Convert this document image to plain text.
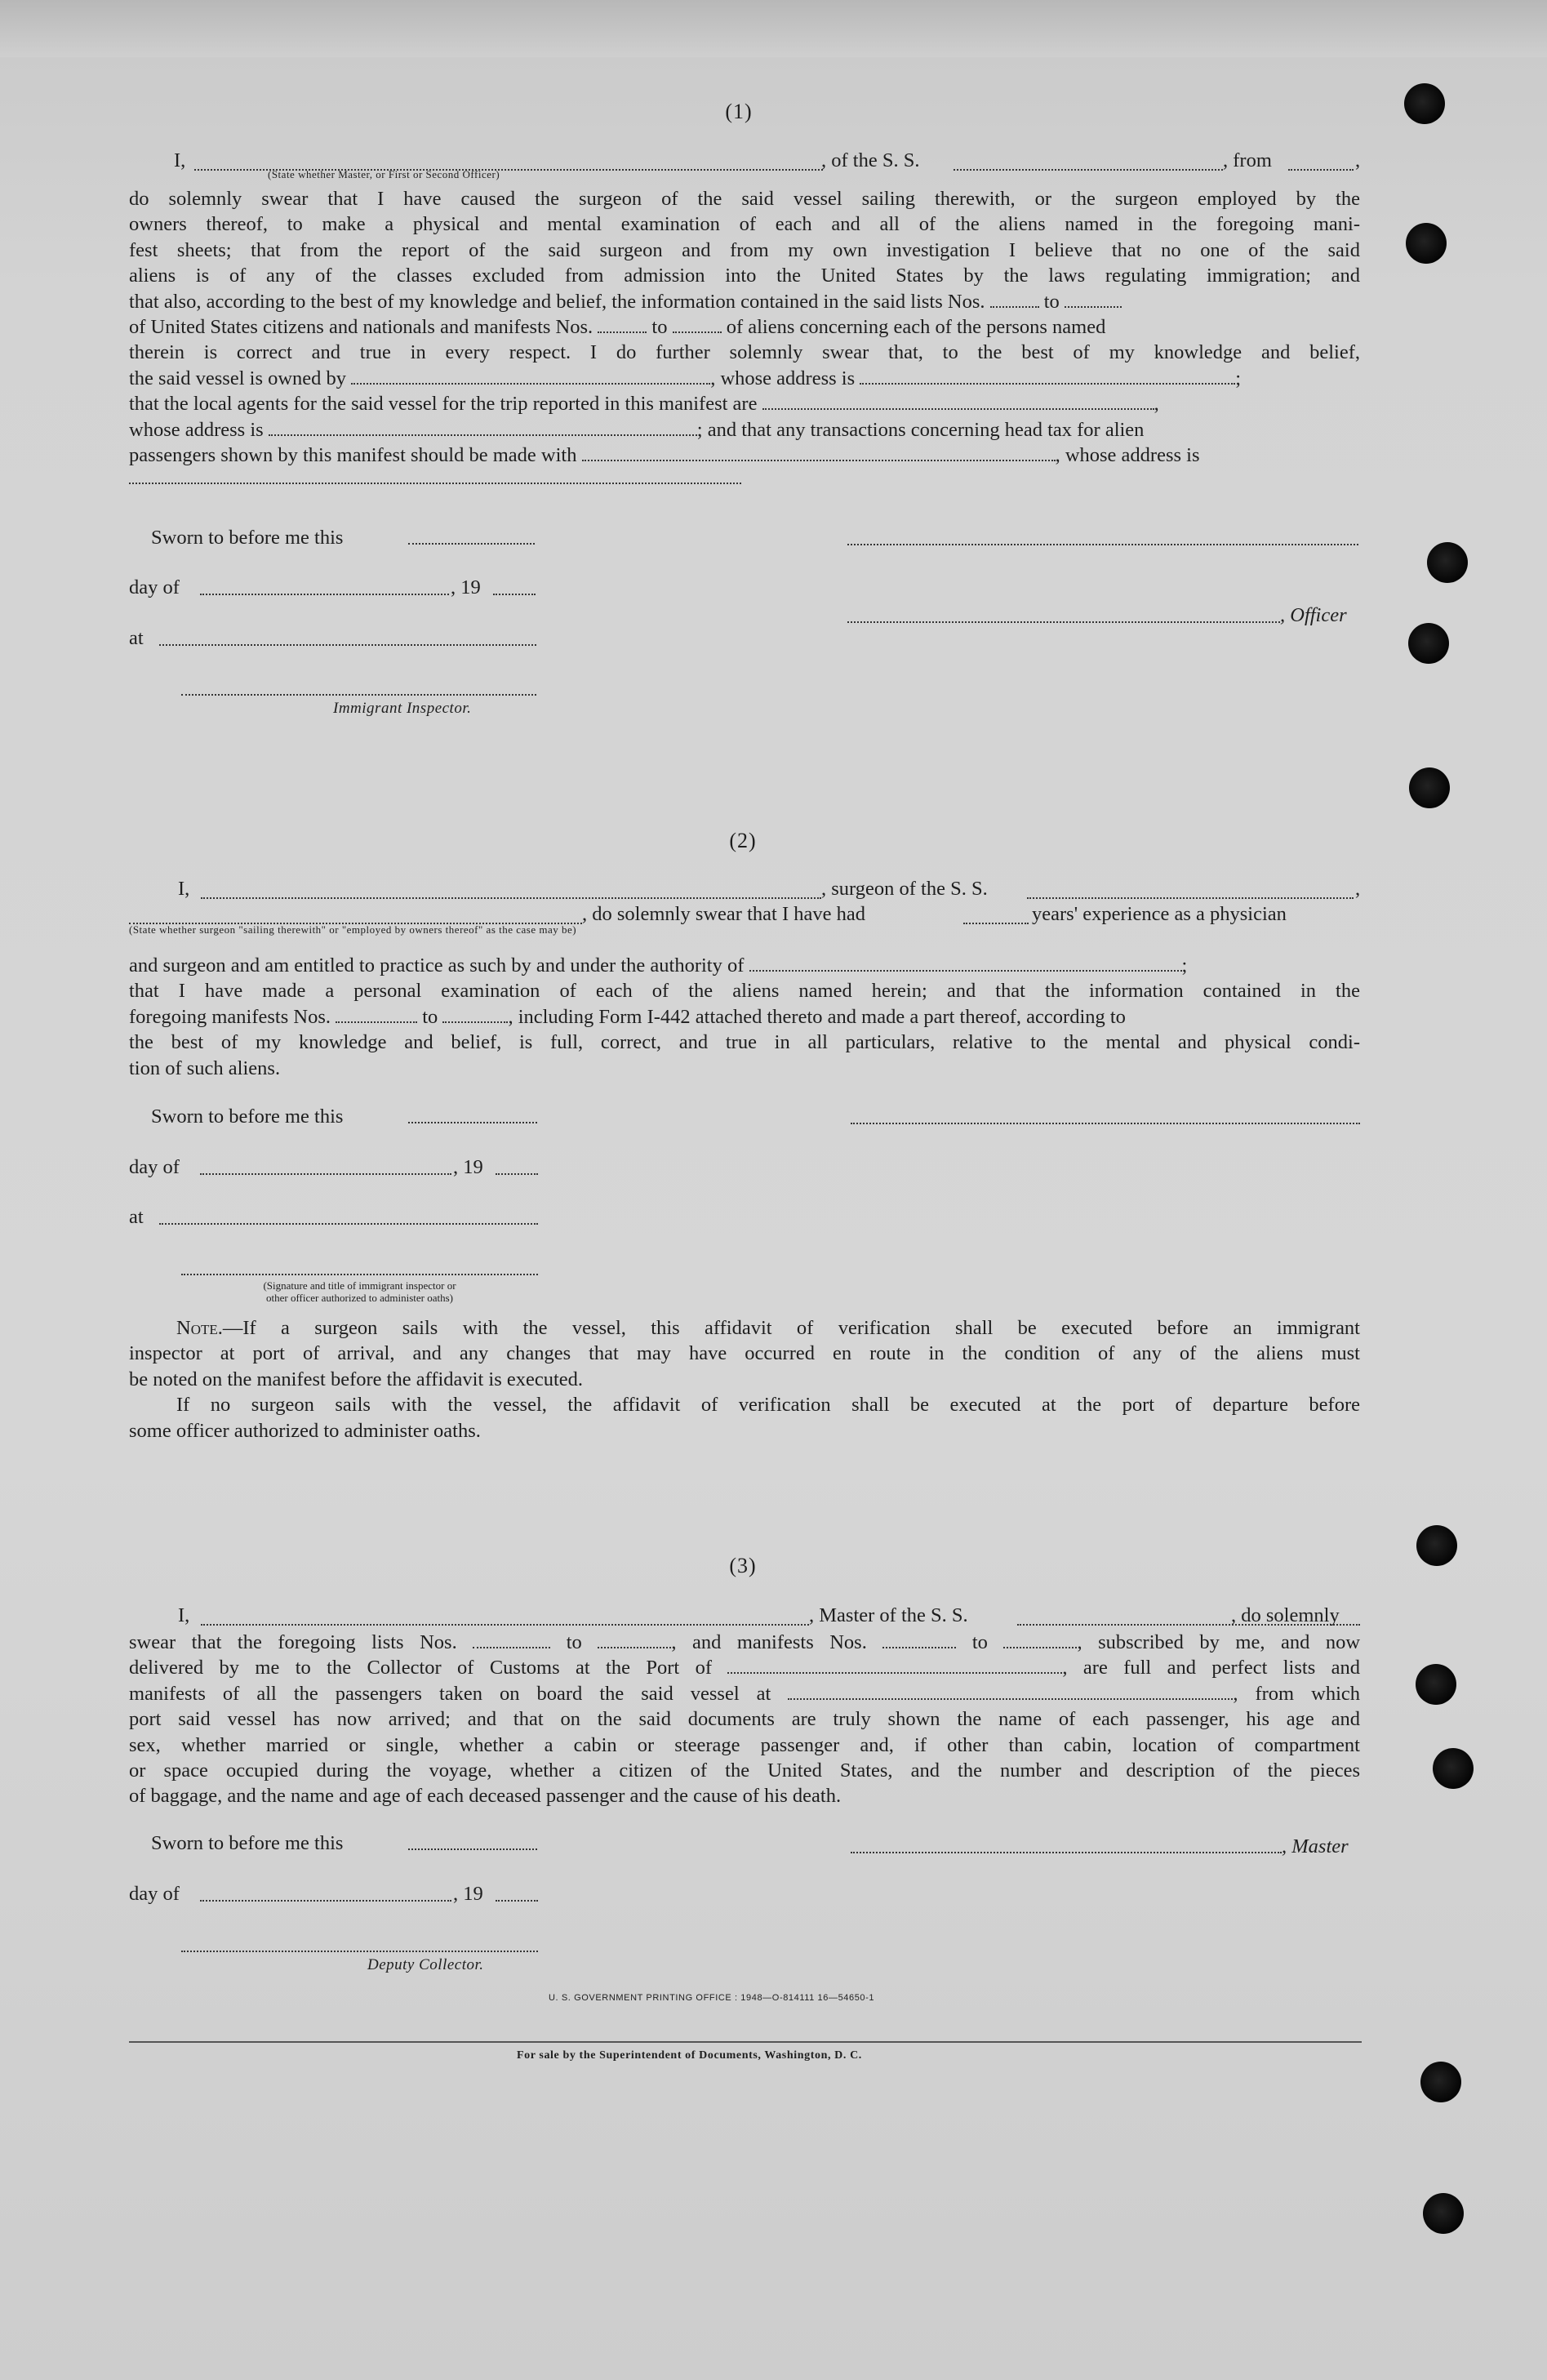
(1)
I,	, of the S. S.	, from	,
(State whether Master, or First or Second Officer)

do solemnly swear that I have caused the surgeon of the said vessel sailing therewith, or the surgeon employed by the

owners thereof, to make a physical and mental examination of each and all of the aliens named in the foregoing mani-

fest sheets; that from the report of the said surgeon and from my own investigation I believe that no one of the said

aliens is of any of the classes excluded from admission into the United States by the laws regulating immigration; and

that also, according to the best of my knowledge and belief, the information contained in the said lists Nos.	to

of United States citizens and nationals and manifests Nos.	to	of aliens concerning each of the persons named

therein is correct and true in every respect. I do further solemnly swear that, to the best of my knowledge and belief,

the said vessel is owned by	, whose address is	;

that the local agents for the said vessel for the trip reported in this manifest are	,

whose address is	; and that any transactions concerning head tax for alien

passengers shown by this manifest should be made with	, whose address is

Sworn to before me this
day of	, 19
at
Immigrant Inspector.
, Officer
(2)
I,	, surgeon of the S. S.	,
, do solemnly swear that I have had	years' experience as a physician
(State whether surgeon "sailing therewith" or "employed by owners thereof" as the case may be)

and surgeon and am entitled to practice as such by and under the authority of	;

that I have made a personal examination of each of the aliens named herein; and that the information contained in the

foregoing manifests Nos.	to	, including Form I-442 attached thereto and made a part thereof, according to

the best of my knowledge and belief, is full, correct, and true in all particulars, relative to the mental and physical condi-

tion of such aliens.

Sworn to before me this
day of	, 19
at
(Signature and title of immigrant inspector or
other officer authorized to administer oaths)

Note.—If a surgeon sails with the vessel, this affidavit of verification shall be executed before an immigrant

inspector at port of arrival, and any changes that may have occurred en route in the condition of any of the aliens must

be noted on the manifest before the affidavit is executed.

If no surgeon sails with the vessel, the affidavit of verification shall be executed at the port of departure before

some officer authorized to administer oaths.

(3)
I,	, Master of the S. S.	, do solemnly

swear that the foregoing lists Nos.	to	, and manifests Nos.	to	, subscribed by me, and now

delivered by me to the Collector of Customs at the Port of	, are full and perfect lists and

manifests of all the passengers taken on board the said vessel at	, from which

port said vessel has now arrived; and that on the said documents are truly shown the name of each passenger, his age and

sex, whether married or single, whether a cabin or steerage passenger and, if other than cabin, location of compartment

or space occupied during the voyage, whether a citizen of the United States, and the number and description of the pieces

of baggage, and the name and age of each deceased passenger and the cause of his death.

Sworn to before me this
day of	, 19
Deputy Collector.
, Master
U. S. GOVERNMENT PRINTING OFFICE : 1948—O-814111 16—54650-1
For sale by the Superintendent of Documents, Washington, D. C.
